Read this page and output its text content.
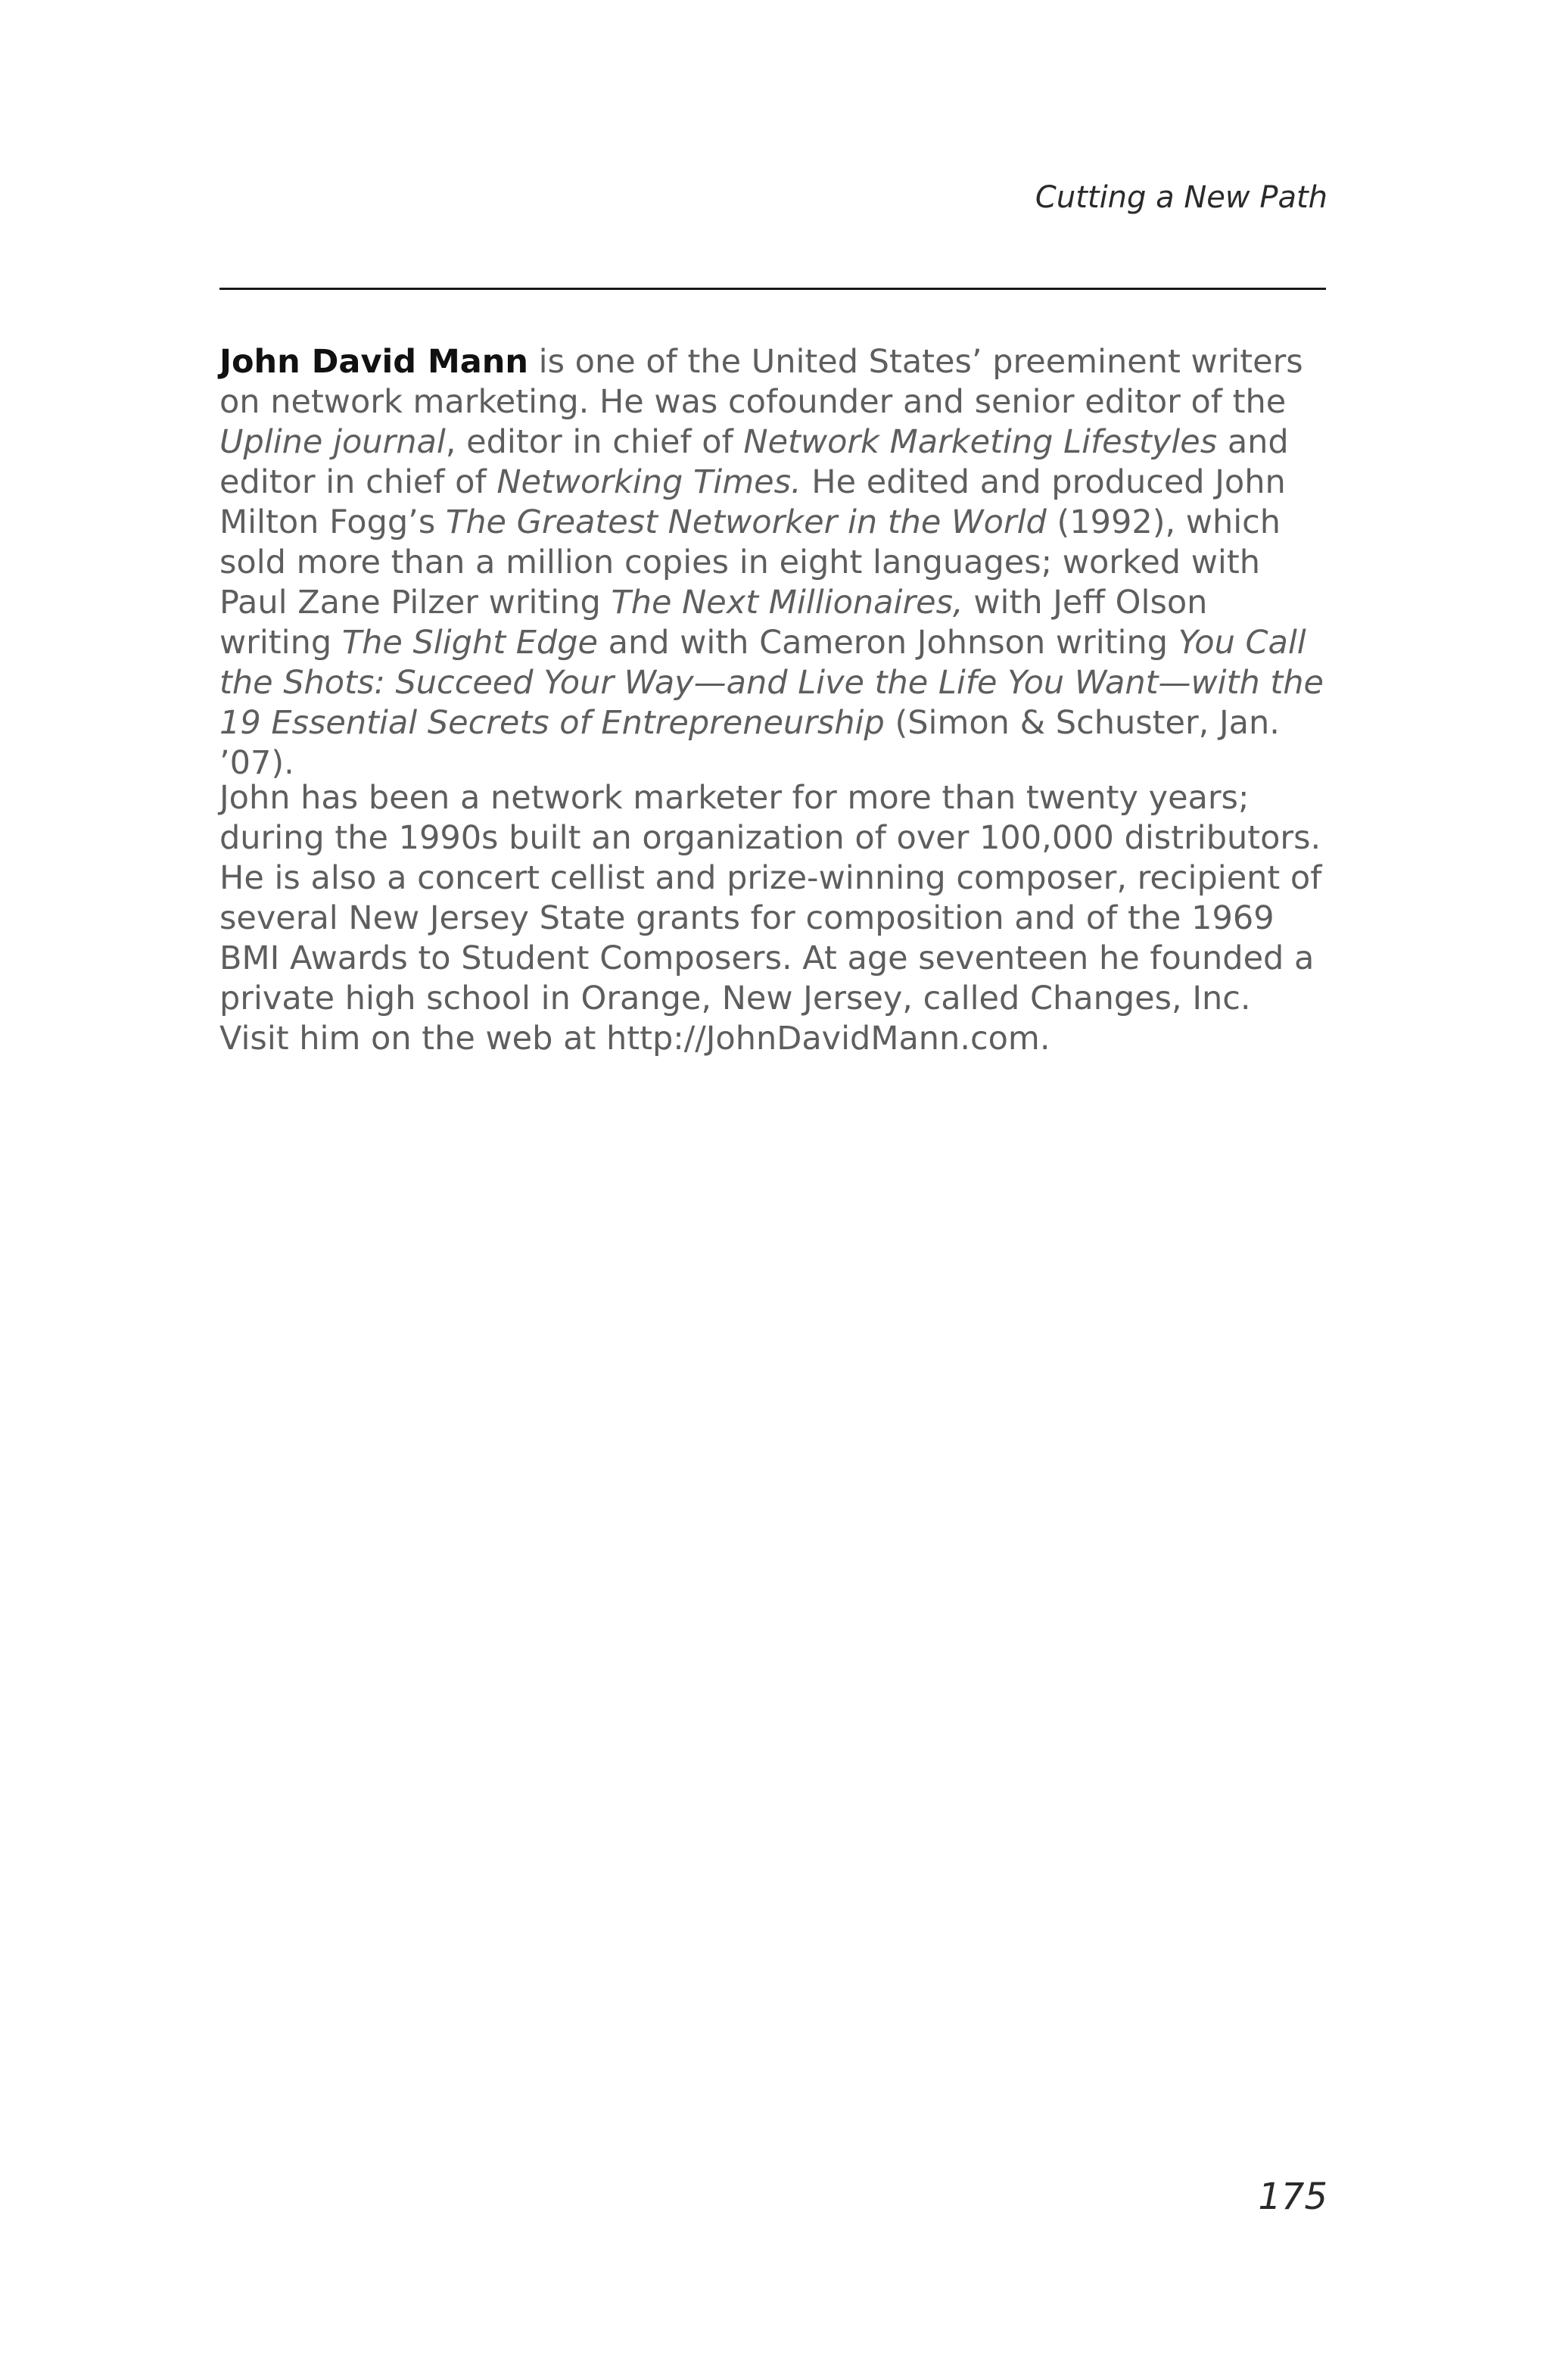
Cutting a New Path

John David Mann is one of the United States’ preeminent writers on network marketing. He was cofounder and senior editor of the Upline journal, editor in chief of Network Marketing Lifestyles and editor in chief of Networking Times. He edited and produced John Milton Fogg’s The Greatest Networker in the World (1992), which sold more than a million copies in eight languages; worked with Paul Zane Pilzer writing The Next Millionaires, with Jeff Olson writing The Slight Edge and with Cameron Johnson writing You Call the Shots: Succeed Your Way—and Live the Life You Want—with the 19 Essential Secrets of Entrepreneurship (Simon & Schuster, Jan. ’07).

John has been a network marketer for more than twenty years; during the 1990s built an organization of over 100,000 distributors. He is also a concert cellist and prize-winning composer, recipient of several New Jersey State grants for composition and of the 1969 BMI Awards to Student Composers. At age seventeen he founded a private high school in Orange, New Jersey, called Changes, Inc. Visit him on the web at http://JohnDavidMann.com.

175
